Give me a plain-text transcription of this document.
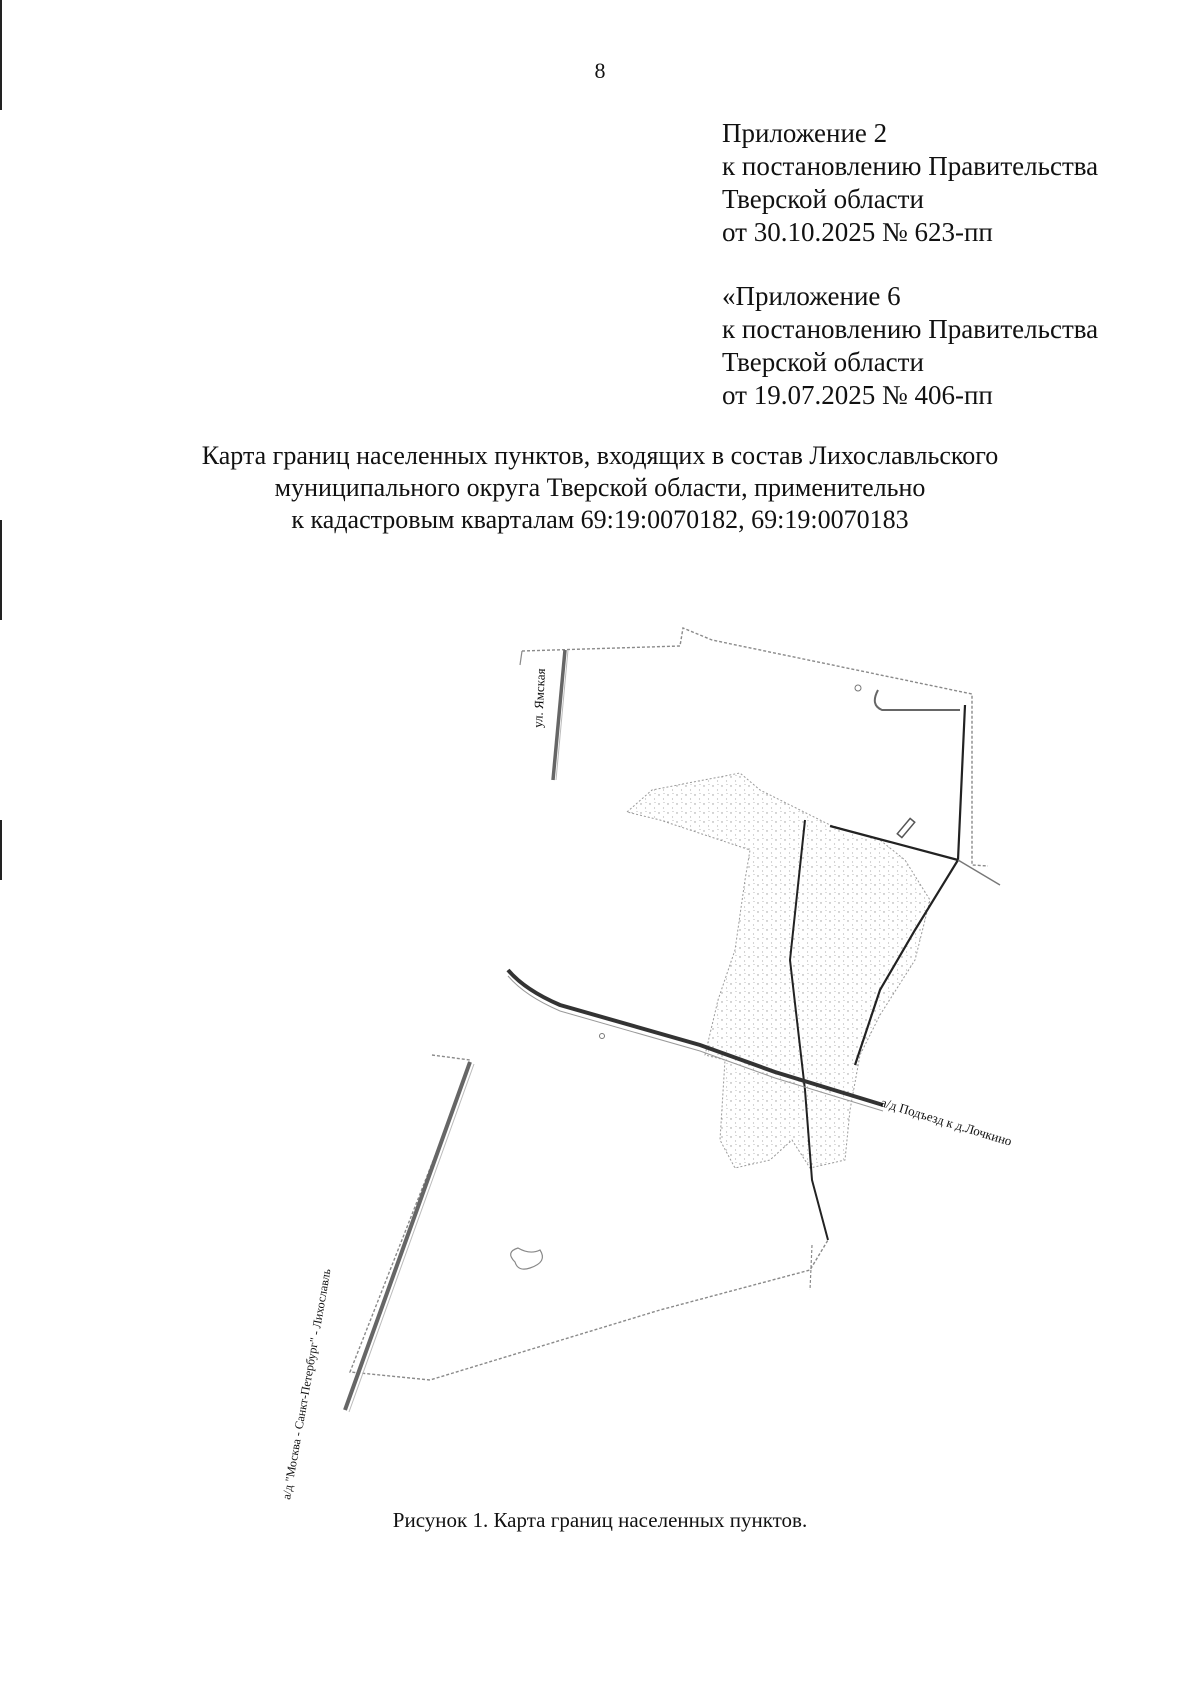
8
Приложение 2
к постановлению Правительства
Тверской области
от 30.10.2025 № 623-пп
«Приложение 6
к постановлению Правительства
Тверской области
от 19.07.2025 № 406-пп
Карта границ населенных пунктов, входящих в состав Лихославльского
муниципального округа Тверской области, применительно
к кадастровым кварталам 69:19:0070182, 69:19:0070183
ул. Ямская
а/д Подъезд к д.Лочкино
а/д "Москва - Санкт-Петербург" - Лихославль
Рисунок 1. Карта границ населенных пунктов.
